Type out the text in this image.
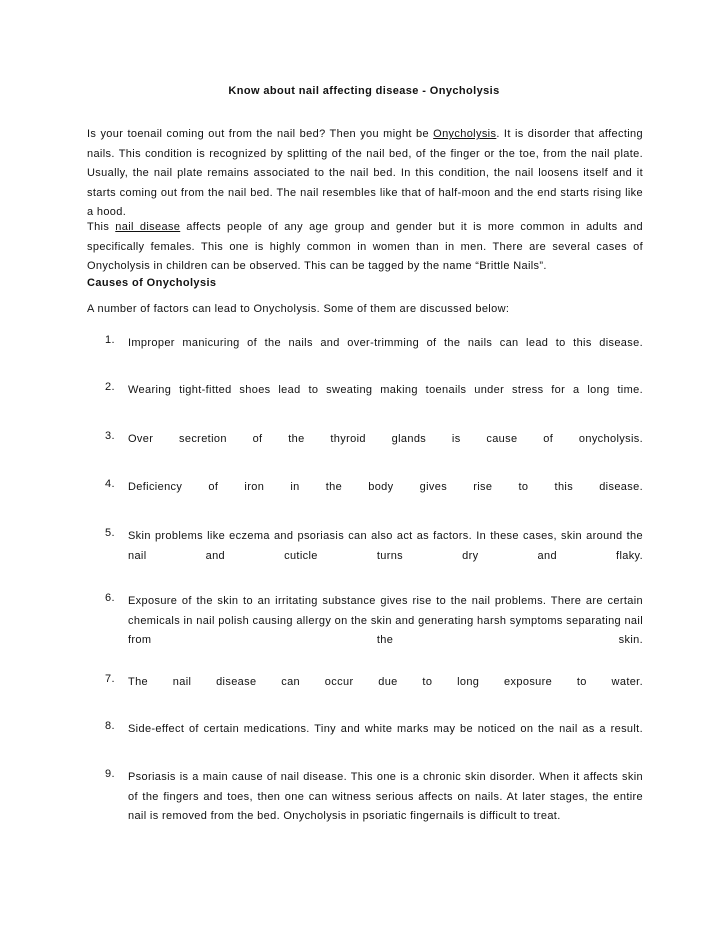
Know about nail affecting disease - Onycholysis

Is your toenail coming out from the nail bed? Then you might be Onycholysis. It is disorder that affecting nails. This condition is recognized by splitting of the nail bed, of the finger or the toe, from the nail plate. Usually, the nail plate remains associated to the nail bed. In this condition, the nail loosens itself and it starts coming out from the nail bed. The nail resembles like that of half-moon and the end starts rising like a hood.

This nail disease affects people of any age group and gender but it is more common in adults and specifically females. This one is highly common in women than in men. There are several cases of Onycholysis in children can be observed. This can be tagged by the name “Brittle Nails”.

Causes of Onycholysis
A number of factors can lead to Onycholysis. Some of them are discussed below:
1.	Improper manicuring of the nails and over-trimming of the nails can lead to this disease.
2.	Wearing tight-fitted shoes lead to sweating making toenails under stress for a long time.
3.	Over secretion of the thyroid glands is cause of onycholysis.
4.	Deficiency of iron in the body gives rise to this disease.
5.	Skin problems like eczema and psoriasis can also act as factors. In these cases, skin around the nail and cuticle turns dry and flaky.
6.	Exposure of the skin to an irritating substance gives rise to the nail problems. There are certain chemicals in nail polish causing allergy on the skin and generating harsh symptoms separating nail from the skin.
7.	The nail disease can occur due to long exposure to water.
8.	Side-effect of certain medications. Tiny and white marks may be noticed on the nail as a result.
9.	Psoriasis is a main cause of nail disease. This one is a chronic skin disorder. When it affects skin of the fingers and toes, then one can witness serious affects on nails. At later stages, the entire nail is removed from the bed. Onycholysis in psoriatic fingernails is difficult to treat.
